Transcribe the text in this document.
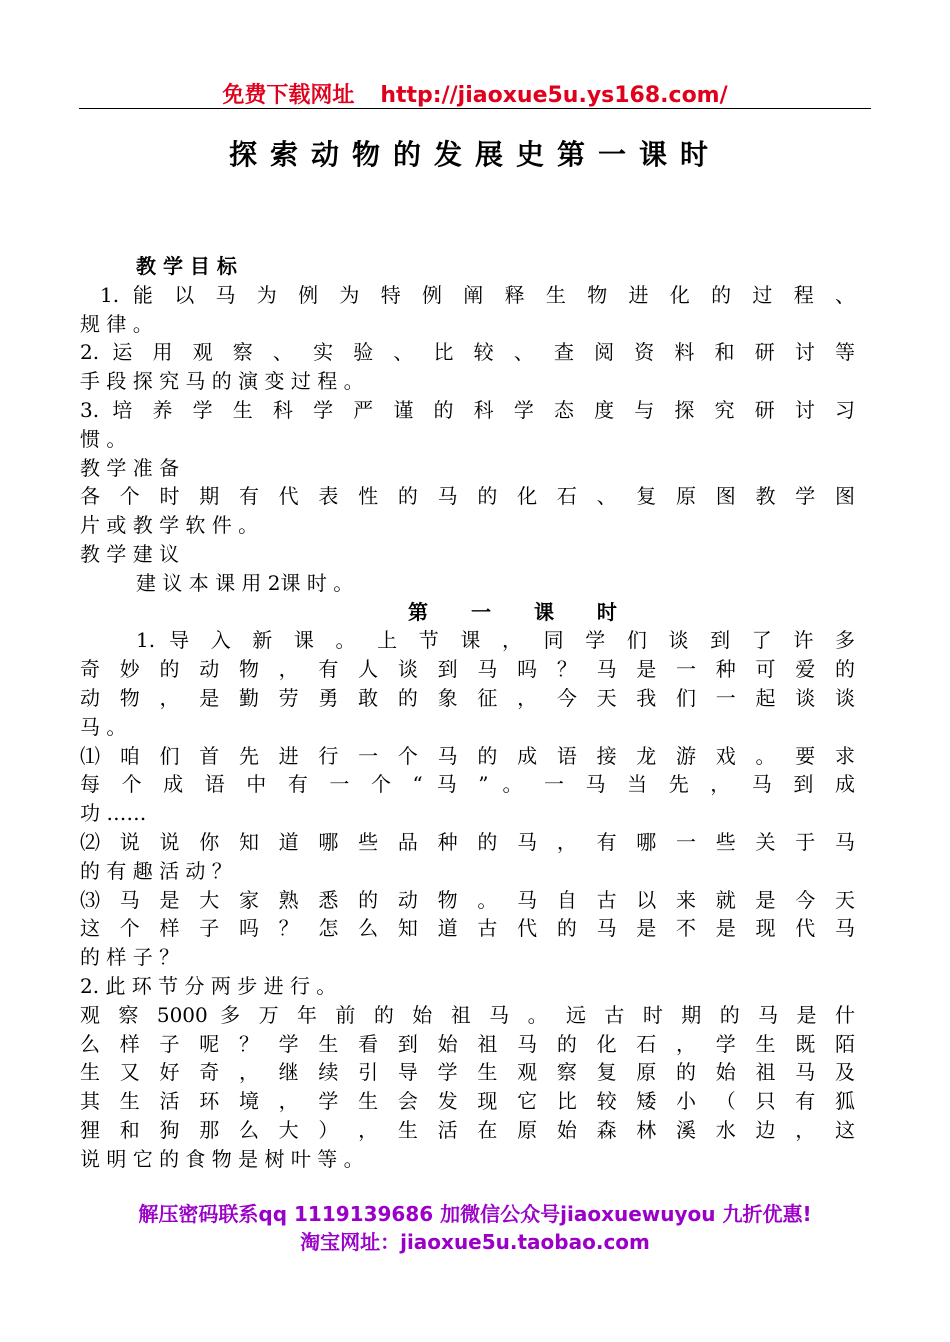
免费下载网址 http://jiaoxue5u.ys168.com/
探索动物的发展史第一课时
教 学 目 标
1. 能 以 马 为 例 为 特 例 阐 释 生 物 进 化 的 过 程 、
规 律 。
2. 运 用 观 察 、 实 验 、 比 较 、 查 阅 资 料 和 研 讨 等
手 段 探 究 马 的 演 变 过 程 。
3. 培 养 学 生 科 学 严 谨 的 科 学 态 度 与 探 究 研 讨 习
惯 。
教 学 准 备
各 个 时 期 有 代 表 性 的 马 的 化 石 、 复 原 图 教 学 图
片 或 教 学 软 件 。
教 学 建 议
建 议 本 课 用 2课 时 。
第 一 课 时
1. 导 入 新 课 。 上 节 课 ， 同 学 们 谈 到 了 许 多
奇 妙 的 动 物 ， 有 人 谈 到 马 吗 ？ 马 是 一 种 可 爱 的
动 物 ， 是 勤 劳 勇 敢 的 象 征 ， 今 天 我 们 一 起 谈 谈
马 。
⑴ 咱 们 首 先 进 行 一 个 马 的 成 语 接 龙 游 戏 。 要 求
每 个 成 语 中 有 一 个 “ 马 ” 。 一 马 当 先 ， 马 到 成
功 ……
⑵ 说 说 你 知 道 哪 些 品 种 的 马 ， 有 哪 一 些 关 于 马
的 有 趣 活 动 ？
⑶ 马 是 大 家 熟 悉 的 动 物 。 马 自 古 以 来 就 是 今 天
这 个 样 子 吗 ？ 怎 么 知 道 古 代 的 马 是 不 是 现 代 马
的 样 子 ？
2. 此 环 节 分 两 步 进 行 。
观 察 5000 多 万 年 前 的 始 祖 马 。 远 古 时 期 的 马 是 什
么 样 子 呢 ？ 学 生 看 到 始 祖 马 的 化 石 ， 学 生 既 陌
生 又 好 奇 ， 继 续 引 导 学 生 观 察 复 原 的 始 祖 马 及
其 生 活 环 境 ， 学 生 会 发 现 它 比 较 矮 小 （ 只 有 狐
狸 和 狗 那 么 大 ） ， 生 活 在 原 始 森 林 溪 水 边 ， 这
说 明 它 的 食 物 是 树 叶 等 。
解压密码联系qq 1119139686 加微信公众号jiaoxuewuyou 九折优惠!
淘宝网址：jiaoxue5u.taobao.com
